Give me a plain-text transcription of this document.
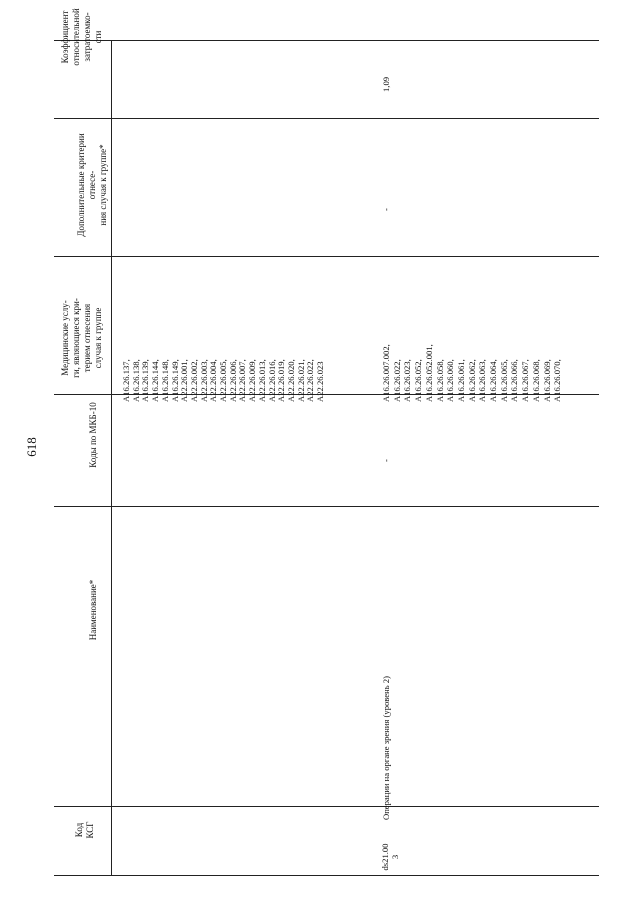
618
Коэффициент относительной затратоемко- сти
Дополнительные критерии отнесе- ния случая к группе*
Медицинские услу- ги, являющиеся кри- терием отнесения случая к группе
Коды по МКБ-10
Наименование*
Код КСГ
A16.26.137, A16.26.138, A16.26.139, A16.26.144, A16.26.148, A16.26.149, A22.26.001, A22.26.002, A22.26.003, A22.26.004, A22.26.005, A22.26.006, A22.26.007, A22.26.009, A22.26.013, A22.26.016, A22.26.019, A22.26.020, A22.26.021, A22.26.022, A22.26.023
ds21.00 3
Операции на органе зрения (уровень 2)
-
A16.26.007.002, A16.26.022, A16.26.023, A16.26.052, A16.26.052.001, A16.26.058, A16.26.060, A16.26.061, A16.26.062, A16.26.063, A16.26.064, A16.26.065, A16.26.066, A16.26.067, A16.26.068, A16.26.069, A16.26.070,
-
1,09
